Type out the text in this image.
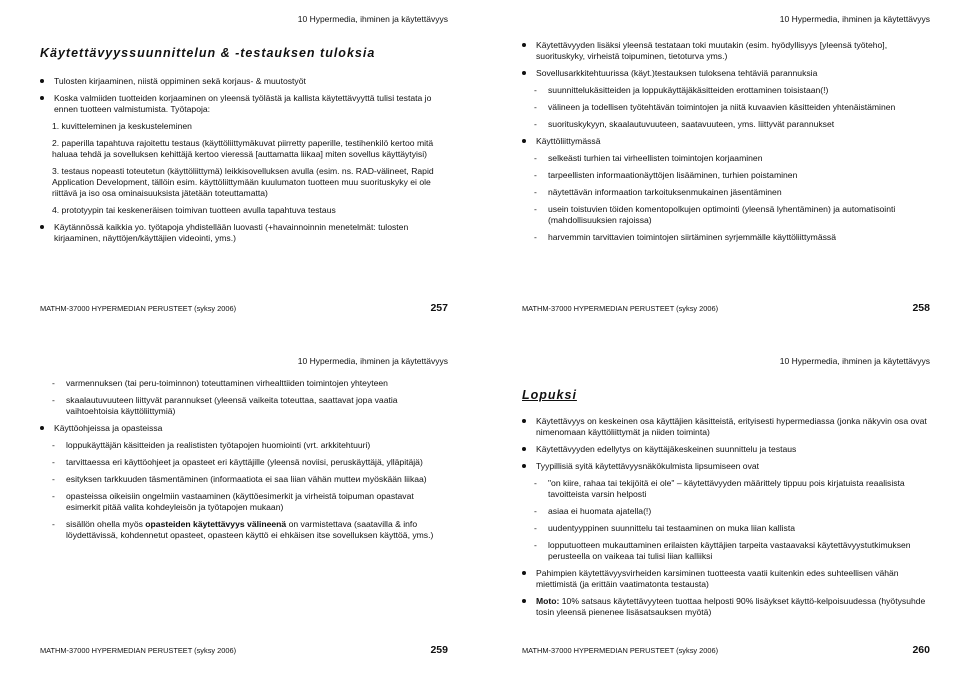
10 Hypermedia, ihminen ja käytettävyys
Käytettävyyssuunnittelun & -testauksen tuloksia
Tulosten kirjaaminen, niistä oppiminen sekä korjaus- & muutostyöt
Koska valmiiden tuotteiden korjaaminen on yleensä työlästä ja kallista käytettävyyttä tulisi testata jo ennen tuotteen valmistumista. Työtapoja:
1. kuvitteleminen ja keskusteleminen
2. paperilla tapahtuva rajoitettu testaus (käyttöliittymäkuvat piirretty paperille, testihenkilö kertoo mitä haluaa tehdä ja sovelluksen kehittäjä kertoo vieressä [auttamatta liikaa] miten sovellus käyttäytyisi)
3. testaus nopeasti toteutetun (käyttöliittymä) leikkisovelluksen avulla (esim. ns. RAD-välineet, Rapid Application Development, tällöin esim. käyttöliittymään kuulumaton tuotteen muu suorituskyky ei ole riittävä ja iso osa ominaisuuksista jätetään toteuttamatta)
4. prototyypin tai keskeneräisen toimivan tuotteen avulla tapahtuva testaus
Käytännössä kaikkia yo. työtapoja yhdistellään luovasti (+havainnoinnin menetelmät: tulosten kirjaaminen, näyttöjen/käyttäjien videointi, yms.)
MATHM-37000 HYPERMEDIAN PERUSTEET (syksy 2006)	257
10 Hypermedia, ihminen ja käytettävyys
Käytettävyyden lisäksi yleensä testataan toki muutakin (esim. hyödyllisyys [yleensä työteho], suorituskyky, virheistä toipuminen, tietoturva yms.)
Sovellusarkkitehtuurissa (käyt.)testauksen tuloksena tehtäviä parannuksia
- suunnittelukäsitteiden ja loppukäyttäjäkäsitteiden erottaminen toisistaan(!)
- välineen ja todellisen työtehtävän toimintojen ja niitä kuvaavien käsitteiden yhtenäistäminen
- suorituskykyyn, skaalautuvuuteen, saatavuuteen, yms. liittyvät parannukset
Käyttöliittymässä
- selkeästi turhien tai virheellisten toimintojen korjaaminen
- tarpeellisten informaationäyttöjen lisääminen, turhien poistaminen
- näytettävän informaation tarkoituksenmukainen jäsentäminen
- usein toistuvien töiden komentopolkujen optimointi (yleensä lyhentäminen) ja automatisointi (mahdollisuuksien rajoissa)
- harvemmin tarvittavien toimintojen siirtäminen syrjemmälle käyttöliittymässä
MATHM-37000 HYPERMEDIAN PERUSTEET (syksy 2006)	258
10 Hypermedia, ihminen ja käytettävyys
- varmennuksen (tai peru-toiminnon) toteuttaminen virhealttiiden toimintojen yhteyteen
- skaalautuvuuteen liittyvät parannukset (yleensä vaikeita toteuttaa, saattavat jopa vaatia vaihtoehtoisia käyttöliittymiä)
Käyttöohjeissa ja opasteissa
- loppukäyttäjän käsitteiden ja realististen työtapojen huomiointi (vrt. arkkitehtuuri)
- tarvittaessa eri käyttöohjeet ja opasteet eri käyttäjille (yleensä noviisi, peruskäyttäjä, ylläpitäjä)
- esityksen tarkkuuden täsmentäminen (informaatiota ei saa liian vähän mutteи myöskään liikaa)
- opasteissa oikeisiin ongelmiin vastaaminen (käyttöesimerkit ja virheistä toipuman opastavat esimerkit pitää valita kohdeyleisön ja työtapojen mukaan)
- sisällön ohella myös opasteiden käytettävyys välineenä on varmistettava (saatavilla & info löydettävissä, kohdennetut opasteet, opasteen käyttö ei ehkäisen itse sovelluksen käyttöä, yms.)
MATHM-37000 HYPERMEDIAN PERUSTEET (syksy 2006)	259
10 Hypermedia, ihminen ja käytettävyys
Lopuksi
Käytettävyys on keskeinen osa käyttäjien käsitteistä, erityisesti hypermediassa (jonka näkyvin osa ovat nimenomaan käyttöliittymät ja niiden toiminta)
Käytettävyyden edellytys on käyttäjäkeskeinen suunnittelu ja testaus
Tyypillisiä syitä käytettävyysnäkökulmista lipsumiseen ovat
- "on kiire, rahaa tai tekijöitä ei ole" – käytettävyyden määrittely tippuu pois kirjatuista reaalisista tavoitteista varsin helposti
- asiaa ei huomata ajatella(!)
- uudentyyppinen suunnittelu tai testaaminen on muka liian kallista
- lopputuotteen mukauttaminen erilaisten käyttäjien tarpeita vastaavaksi käytettävyystutkimuksen perusteella on vaikeaa tai tulisi liian kalliiksi
Pahimpien käytettävyysvirheiden karsiminen tuotteesta vaatii kuitenkin edes suhteellisen vähän miettimistä (ja erittäin vaatimatonta testausta)
Moto: 10% satsaus käytettävyyteen tuottaa helposti 90% lisäykset käyttö-kelpoisuudessa (hyötysuhde tosin yleensä pienenee lisäsatsauksen myötä)
MATHM-37000 HYPERMEDIAN PERUSTEET (syksy 2006)	260
